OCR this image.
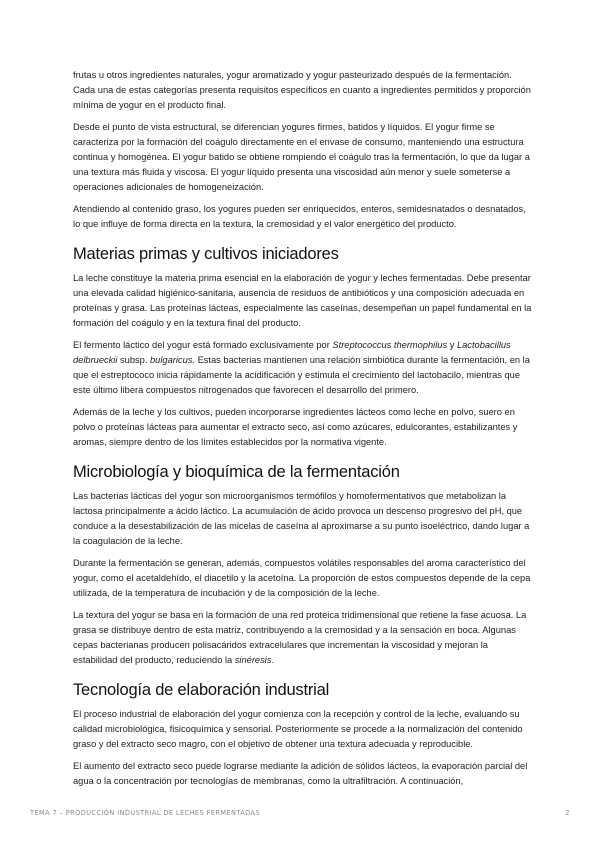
frutas u otros ingredientes naturales, yogur aromatizado y yogur pasteurizado después de la fermentación. Cada una de estas categorías presenta requisitos específicos en cuanto a ingredientes permitidos y proporción mínima de yogur en el producto final.

Desde el punto de vista estructural, se diferencian yogures firmes, batidos y líquidos. El yogur firme se caracteriza por la formación del coágulo directamente en el envase de consumo, manteniendo una estructura continua y homogénea. El yogur batido se obtiene rompiendo el coágulo tras la fermentación, lo que da lugar a una textura más fluida y viscosa. El yogur líquido presenta una viscosidad aún menor y suele someterse a operaciones adicionales de homogeneización.

Atendiendo al contenido graso, los yogures pueden ser enriquecidos, enteros, semidesnatados o desnatados, lo que influye de forma directa en la textura, la cremosidad y el valor energético del producto.

Materias primas y cultivos iniciadores

La leche constituye la materia prima esencial en la elaboración de yogur y leches fermentadas. Debe presentar una elevada calidad higiénico-sanitaria, ausencia de residuos de antibióticos y una composición adecuada en proteínas y grasa. Las proteínas lácteas, especialmente las caseínas, desempeñan un papel fundamental en la formación del coágulo y en la textura final del producto.

El fermento láctico del yogur está formado exclusivamente por Streptococcus thermophilus y Lactobacillus delbrueckii subsp. bulgaricus. Estas bacterias mantienen una relación simbiótica durante la fermentación, en la que el estreptococo inicia rápidamente la acidificación y estimula el crecimiento del lactobacilo, mientras que este último libera compuestos nitrogenados que favorecen el desarrollo del primero.

Además de la leche y los cultivos, pueden incorporarse ingredientes lácteos como leche en polvo, suero en polvo o proteínas lácteas para aumentar el extracto seco, así como azúcares, edulcorantes, estabilizantes y aromas, siempre dentro de los límites establecidos por la normativa vigente.

Microbiología y bioquímica de la fermentación

Las bacterias lácticas del yogur son microorganismos termófilos y homofermentativos que metabolizan la lactosa principalmente a ácido láctico. La acumulación de ácido provoca un descenso progresivo del pH, que conduce a la desestabilización de las micelas de caseína al aproximarse a su punto isoeléctrico, dando lugar a la coagulación de la leche.

Durante la fermentación se generan, además, compuestos volátiles responsables del aroma característico del yogur, como el acetaldehído, el diacetilo y la acetoína. La proporción de estos compuestos depende de la cepa utilizada, de la temperatura de incubación y de la composición de la leche.

La textura del yogur se basa en la formación de una red proteica tridimensional que retiene la fase acuosa. La grasa se distribuye dentro de esta matriz, contribuyendo a la cremosidad y a la sensación en boca. Algunas cepas bacterianas producen polisacáridos extracelulares que incrementan la viscosidad y mejoran la estabilidad del producto, reduciendo la sinéresis.

Tecnología de elaboración industrial

El proceso industrial de elaboración del yogur comienza con la recepción y control de la leche, evaluando su calidad microbiológica, fisicoquímica y sensorial. Posteriormente se procede a la normalización del contenido graso y del extracto seco magro, con el objetivo de obtener una textura adecuada y reproducible.

El aumento del extracto seco puede lograrse mediante la adición de sólidos lácteos, la evaporación parcial del agua o la concentración por tecnologías de membranas, como la ultrafiltración. A continuación,

TEMA 7 – PRODUCCIÓN INDUSTRIAL DE LECHES FERMENTADAS	2
